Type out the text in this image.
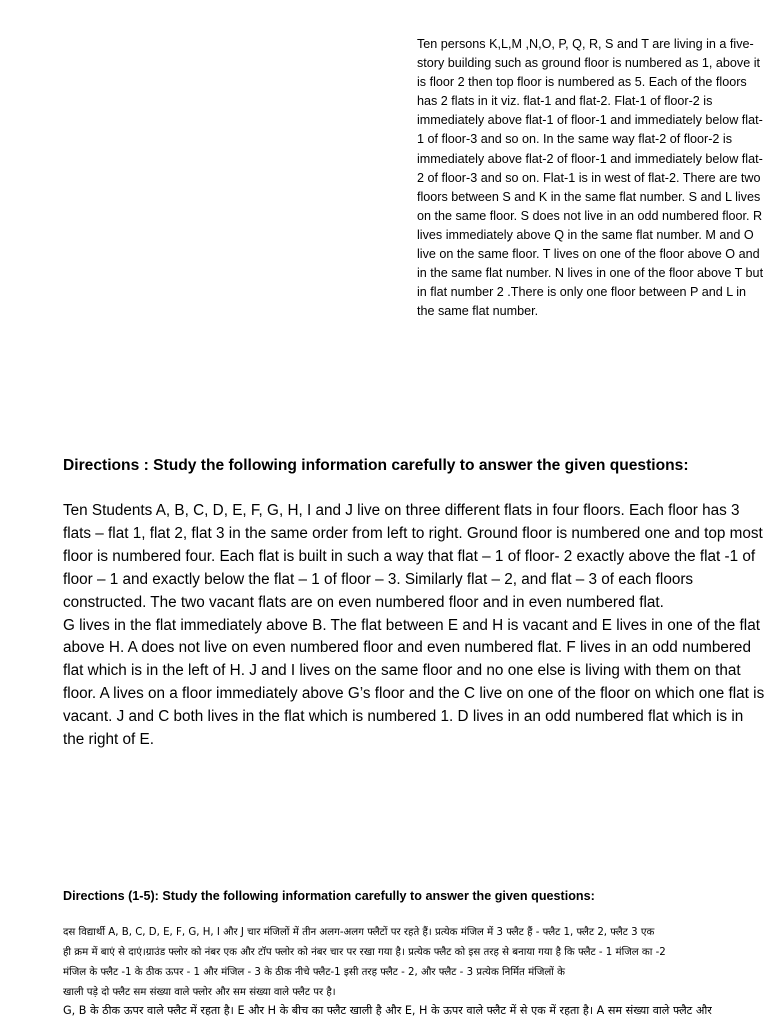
Ten persons K,L,M ,N,O, P, Q, R, S and T are living in a five-story building such as ground floor is numbered as 1, above it is floor 2 then top floor is numbered as 5. Each of the floors has 2 flats in it viz. flat-1 and flat-2. Flat-1 of floor-2 is immediately above flat-1 of floor-1 and immediately below flat-1 of floor-3 and so on. In the same way flat-2 of floor-2 is immediately above flat-2 of floor-1 and immediately below flat-2 of floor-3 and so on. Flat-1 is in west of flat-2. There are two floors between S and K in the same flat number. S and L lives on the same floor. S does not live in an odd numbered floor. R lives immediately above Q in the same flat number. M and O live on the same floor. T lives on one of the floor above O and in the same flat number. N lives in one of the floor above T but in flat number 2 .There is only one floor between P and L in the same flat number.

Directions : Study the following information carefully to answer the given questions:

Ten Students A, B, C, D, E, F, G, H, I and J live on three different flats in four floors. Each floor has 3 flats – flat 1, flat 2, flat 3 in the same order from left to right. Ground floor is numbered one and top most floor is numbered four. Each flat is built in such a way that flat – 1 of floor- 2 exactly above the flat -1 of floor – 1 and exactly below the flat – 1 of floor – 3. Similarly flat – 2, and flat – 3 of each floors constructed. The two vacant flats are on even numbered floor and in even numbered flat.
G lives in the flat immediately above B. The flat between E and H is vacant and E lives in one of the flat above H. A does not live on even numbered floor and even numbered flat. F lives in an odd numbered flat which is in the left of H. J and I lives on the same floor and no one else is living with them on that floor. A lives on a floor immediately above G’s floor and the C live on one of the floor on which one flat is vacant. J and C both lives in the flat which is numbered 1. D lives in an odd numbered flat which is in the right of E.

Directions (1-5): Study the following information carefully to answer the given questions:

दस विद्यार्थी A, B, C, D, E, F, G, H, I और J चार मंजिलों में तीन अलग-अलग फ्लैटों पर रहते हैं। प्रत्येक मंजिल में 3 फ्लैट हैं - फ्लैट 1, फ्लैट 2, फ्लैट 3 एक

ही क्रम में बाएं से दाएं।ग्राउंड फ्लोर को नंबर एक और टॉप फ्लोर को नंबर चार पर रखा गया है। प्रत्येक फ्लैट को इस तरह से बनाया गया है कि फ्लैट - 1 मंजिल का -2

मंजिल के फ्लैट -1 के ठीक ऊपर - 1 और मंजिल - 3 के ठीक नीचे फ्लैट-1 इसी तरह फ्लैट - 2, और फ्लैट - 3 प्रत्येक निर्मित मंजिलों के

खाली पड़े दो फ्लैट सम संख्या वाले फ्लोर और सम संख्या वाले फ्लैट पर है।

G, B के ठीक ऊपर वाले फ्लैट में रहता है। E और H के बीच का फ्लैट खाली है और E, H के ऊपर वाले फ्लैट में से एक में रहता है। A सम संख्या वाले फ्लैट और
